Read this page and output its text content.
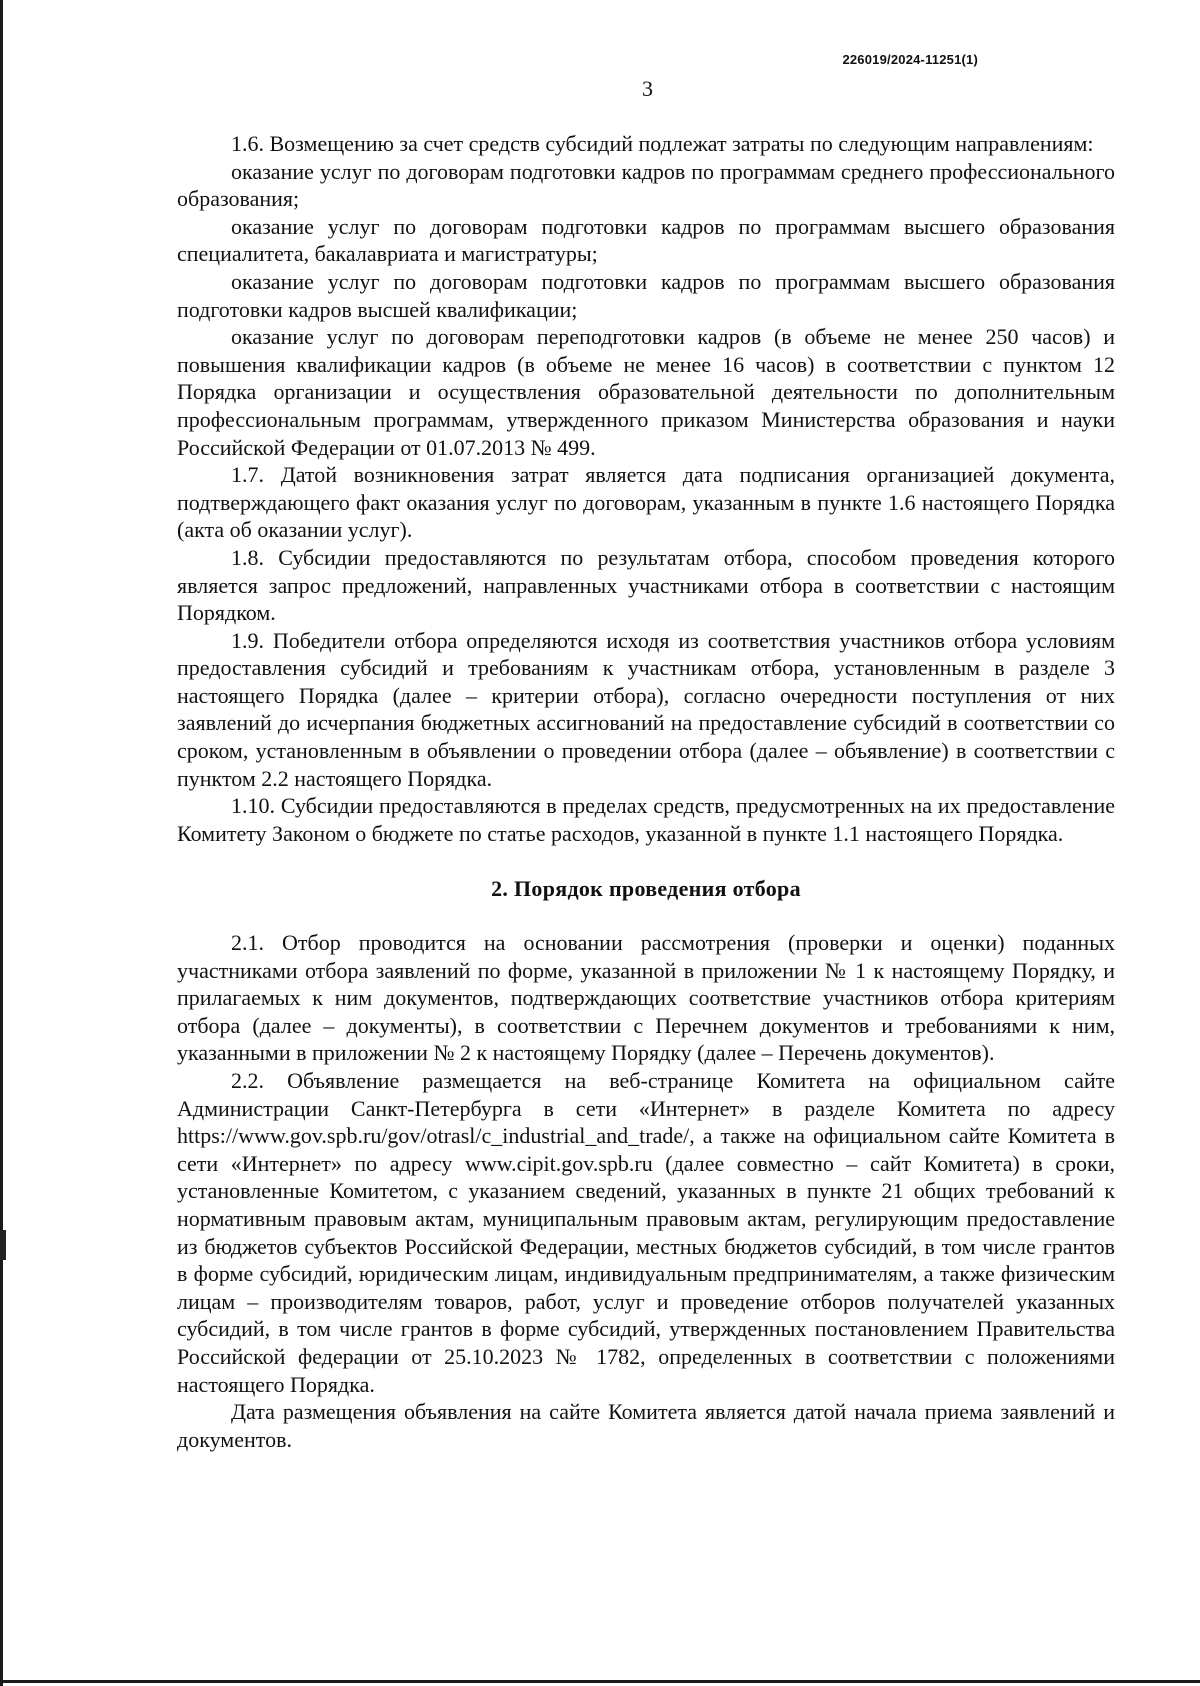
226019/2024-11251(1)
3

1.6. Возмещению за счет средств субсидий подлежат затраты по следующим направлениям:

оказание услуг по договорам подготовки кадров по программам среднего профессионального образования;

оказание услуг по договорам подготовки кадров по программам высшего образования специалитета, бакалавриата и магистратуры;

оказание услуг по договорам подготовки кадров по программам высшего образования подготовки кадров высшей квалификации;

оказание услуг по договорам переподготовки кадров (в объеме не менее 250 часов) и повышения квалификации кадров (в объеме не менее 16 часов) в соответствии с пунктом 12 Порядка организации и осуществления образовательной деятельности по дополнительным профессиональным программам, утвержденного приказом Министерства образования и науки Российской Федерации от 01.07.2013 № 499.

1.7. Датой возникновения затрат является дата подписания организацией документа, подтверждающего факт оказания услуг по договорам, указанным в пункте 1.6 настоящего Порядка (акта об оказании услуг).

1.8. Субсидии предоставляются по результатам отбора, способом проведения которого является запрос предложений, направленных участниками отбора в соответствии с настоящим Порядком.

1.9. Победители отбора определяются исходя из соответствия участников отбора условиям предоставления субсидий и требованиям к участникам отбора, установленным в разделе 3 настоящего Порядка (далее – критерии отбора), согласно очередности поступления от них заявлений до исчерпания бюджетных ассигнований на предоставление субсидий в соответствии со сроком, установленным в объявлении о проведении отбора (далее – объявление) в соответствии с пунктом 2.2 настоящего Порядка.

1.10. Субсидии предоставляются в пределах средств, предусмотренных на их предоставление Комитету Законом о бюджете по статье расходов, указанной в пункте 1.1 настоящего Порядка.

2. Порядок проведения отбора

2.1. Отбор проводится на основании рассмотрения (проверки и оценки) поданных участниками отбора заявлений по форме, указанной в приложении № 1 к настоящему Порядку, и прилагаемых к ним документов, подтверждающих соответствие участников отбора критериям отбора (далее – документы), в соответствии с Перечнем документов и требованиями к ним, указанными в приложении № 2 к настоящему Порядку (далее – Перечень документов).

2.2. Объявление размещается на веб-странице Комитета на официальном сайте Администрации Санкт-Петербурга в сети «Интернет» в разделе Комитета по адресу https://www.gov.spb.ru/gov/otrasl/c_industrial_and_trade/, а также на официальном сайте Комитета в сети «Интернет» по адресу www.cipit.gov.spb.ru (далее совместно – сайт Комитета) в сроки, установленные Комитетом, с указанием сведений, указанных в пункте 21 общих требований к нормативным правовым актам, муниципальным правовым актам, регулирующим предоставление из бюджетов субъектов Российской Федерации, местных бюджетов субсидий, в том числе грантов в форме субсидий, юридическим лицам, индивидуальным предпринимателям, а также физическим лицам – производителям товаров, работ, услуг и проведение отборов получателей указанных субсидий, в том числе грантов в форме субсидий, утвержденных постановлением Правительства Российской федерации от 25.10.2023 № 1782, определенных в соответствии с положениями настоящего Порядка.

Дата размещения объявления на сайте Комитета является датой начала приема заявлений и документов.
